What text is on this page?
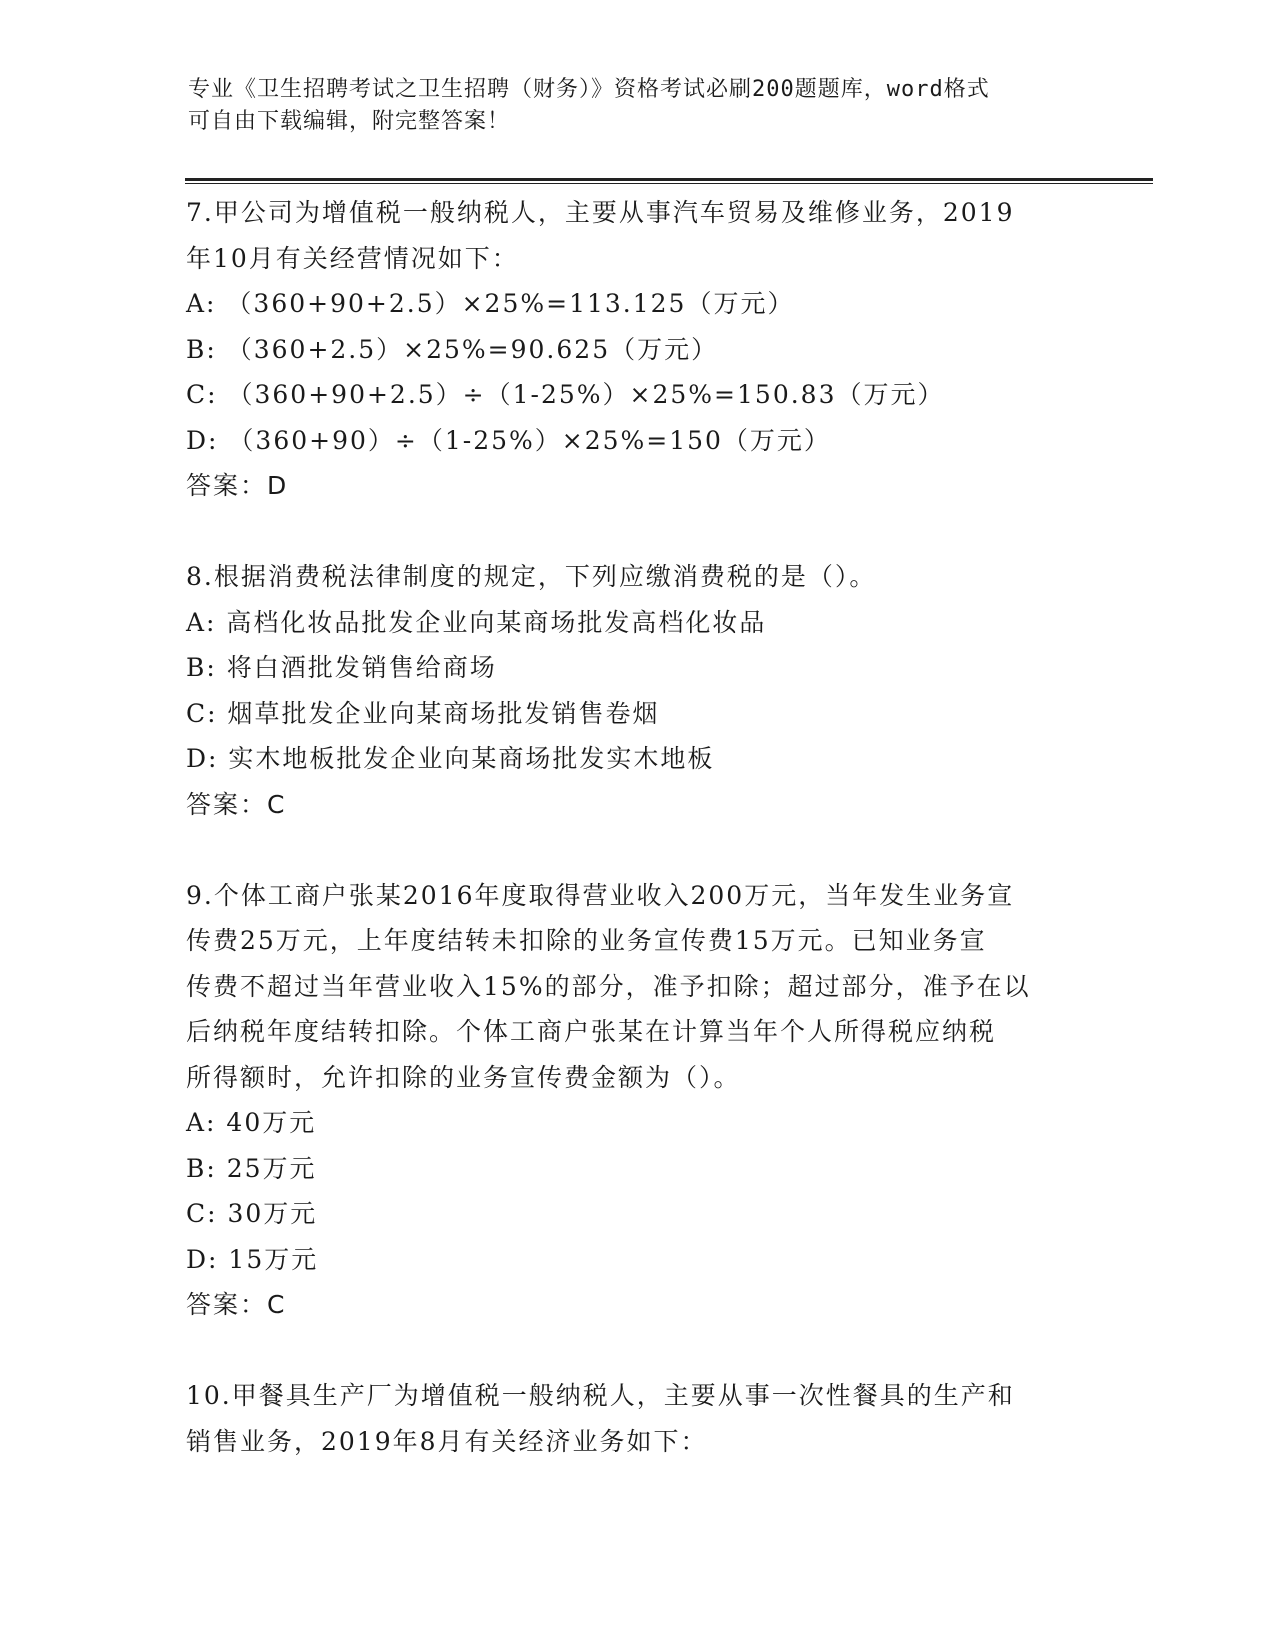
专业《卫生招聘考试之卫生招聘（财务）》资格考试必刷200题题库，word格式
可自由下载编辑，附完整答案！
7.甲公司为增值税一般纳税人，主要从事汽车贸易及维修业务，2019
年10月有关经营情况如下：
A: （360+90+2.5）×25%=113.125（万元）
B: （360+2.5）×25%=90.625（万元）
C: （360+90+2.5）÷（1-25%）×25%=150.83（万元）
D: （360+90）÷（1-25%）×25%=150（万元）
答案：D
8.根据消费税法律制度的规定，下列应缴消费税的是（）。
A: 高档化妆品批发企业向某商场批发高档化妆品
B: 将白酒批发销售给商场
C: 烟草批发企业向某商场批发销售卷烟
D: 实木地板批发企业向某商场批发实木地板
答案：C
9.个体工商户张某2016年度取得营业收入200万元，当年发生业务宣
传费25万元，上年度结转未扣除的业务宣传费15万元。已知业务宣
传费不超过当年营业收入15%的部分，准予扣除；超过部分，准予在以
后纳税年度结转扣除。个体工商户张某在计算当年个人所得税应纳税
所得额时，允许扣除的业务宣传费金额为（）。
A: 40万元
B: 25万元
C: 30万元
D: 15万元
答案：C
10.甲餐具生产厂为增值税一般纳税人，主要从事一次性餐具的生产和
销售业务，2019年8月有关经济业务如下：
